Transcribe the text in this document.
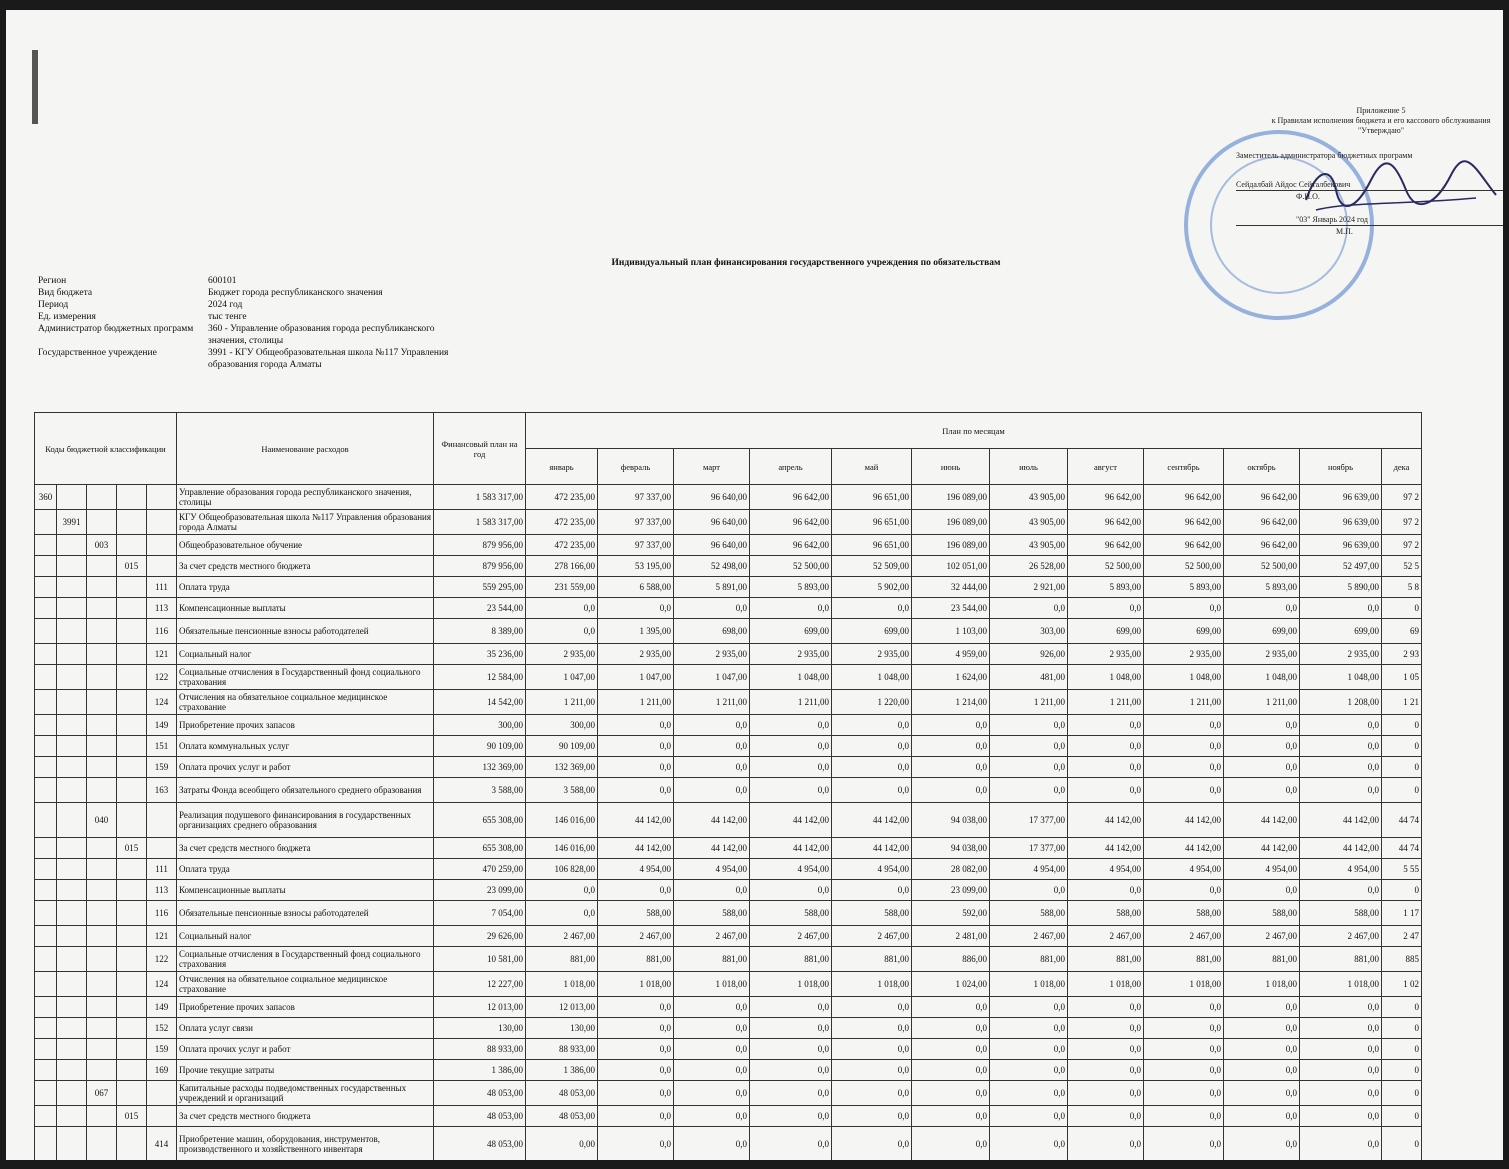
Приложение 5
к Правилам исполнения бюджета и его кассового обслуживания
"Утверждаю"
Заместитель администратора бюджетных программ
Сейдалбай Айдос Сейталбекович
Ф.И.О.
"03" Январь 2024 год
М.П.
Индивидуальный план финансирования государственного учреждения по обязательствам
Регион	600101
Вид бюджета	Бюджет города республиканского значения
Период	2024 год
Ед. измерения	тыс тенге
Администратор бюджетных программ	360 - Управление образования города республиканского значения, столицы
Государственное учреждение	3991 - КГУ Общеобразовательная школа №117 Управления образования города Алматы
Коды бюджетной классификации					Наименование расходов	Финансовый план на год	План по месяцам											
							январь	февраль	март	апрель	май	июнь	июль	август	сентябрь	октябрь	ноябрь	дека
360					Управление образования города республиканского значения, столицы	1 583 317,00	472 235,00	97 337,00	96 640,00	96 642,00	96 651,00	196 089,00	43 905,00	96 642,00	96 642,00	96 642,00	96 639,00	97 2
	3991				КГУ Общеобразовательная школа №117 Управления образования города Алматы	1 583 317,00	472 235,00	97 337,00	96 640,00	96 642,00	96 651,00	196 089,00	43 905,00	96 642,00	96 642,00	96 642,00	96 639,00	97 2
		003			Общеобразовательное обучение	879 956,00	472 235,00	97 337,00	96 640,00	96 642,00	96 651,00	196 089,00	43 905,00	96 642,00	96 642,00	96 642,00	96 639,00	97 2
			015		За счет средств местного бюджета	879 956,00	278 166,00	53 195,00	52 498,00	52 500,00	52 509,00	102 051,00	26 528,00	52 500,00	52 500,00	52 500,00	52 497,00	52 5
				111	Оплата труда	559 295,00	231 559,00	6 588,00	5 891,00	5 893,00	5 902,00	32 444,00	2 921,00	5 893,00	5 893,00	5 893,00	5 890,00	5 8
				113	Компенсационные выплаты	23 544,00	0,0	0,0	0,0	0,0	0,0	23 544,00	0,0	0,0	0,0	0,0	0,0	0
				116	Обязательные пенсионные взносы работодателей	8 389,00	0,0	1 395,00	698,00	699,00	699,00	1 103,00	303,00	699,00	699,00	699,00	699,00	69
				121	Социальный налог	35 236,00	2 935,00	2 935,00	2 935,00	2 935,00	2 935,00	4 959,00	926,00	2 935,00	2 935,00	2 935,00	2 935,00	2 93
				122	Социальные отчисления в Государственный фонд социального страхования	12 584,00	1 047,00	1 047,00	1 047,00	1 048,00	1 048,00	1 624,00	481,00	1 048,00	1 048,00	1 048,00	1 048,00	1 05
				124	Отчисления на обязательное социальное медицинское страхование	14 542,00	1 211,00	1 211,00	1 211,00	1 211,00	1 220,00	1 214,00	1 211,00	1 211,00	1 211,00	1 211,00	1 208,00	1 21
				149	Приобретение прочих запасов	300,00	300,00	0,0	0,0	0,0	0,0	0,0	0,0	0,0	0,0	0,0	0,0	0
				151	Оплата коммунальных услуг	90 109,00	90 109,00	0,0	0,0	0,0	0,0	0,0	0,0	0,0	0,0	0,0	0,0	0
				159	Оплата прочих услуг и работ	132 369,00	132 369,00	0,0	0,0	0,0	0,0	0,0	0,0	0,0	0,0	0,0	0,0	0
				163	Затраты Фонда всеобщего обязательного среднего образования	3 588,00	3 588,00	0,0	0,0	0,0	0,0	0,0	0,0	0,0	0,0	0,0	0,0	0
		040			Реализация подушевого финансирования в государственных организациях среднего образования	655 308,00	146 016,00	44 142,00	44 142,00	44 142,00	44 142,00	94 038,00	17 377,00	44 142,00	44 142,00	44 142,00	44 142,00	44 74
			015		За счет средств местного бюджета	655 308,00	146 016,00	44 142,00	44 142,00	44 142,00	44 142,00	94 038,00	17 377,00	44 142,00	44 142,00	44 142,00	44 142,00	44 74
				111	Оплата труда	470 259,00	106 828,00	4 954,00	4 954,00	4 954,00	4 954,00	28 082,00	4 954,00	4 954,00	4 954,00	4 954,00	4 954,00	5 55
				113	Компенсационные выплаты	23 099,00	0,0	0,0	0,0	0,0	0,0	23 099,00	0,0	0,0	0,0	0,0	0,0	0
				116	Обязательные пенсионные взносы работодателей	7 054,00	0,0	588,00	588,00	588,00	588,00	592,00	588,00	588,00	588,00	588,00	588,00	1 17
				121	Социальный налог	29 626,00	2 467,00	2 467,00	2 467,00	2 467,00	2 467,00	2 481,00	2 467,00	2 467,00	2 467,00	2 467,00	2 467,00	2 47
				122	Социальные отчисления в Государственный фонд социального страхования	10 581,00	881,00	881,00	881,00	881,00	881,00	886,00	881,00	881,00	881,00	881,00	881,00	885
				124	Отчисления на обязательное социальное медицинское страхование	12 227,00	1 018,00	1 018,00	1 018,00	1 018,00	1 018,00	1 024,00	1 018,00	1 018,00	1 018,00	1 018,00	1 018,00	1 02
				149	Приобретение прочих запасов	12 013,00	12 013,00	0,0	0,0	0,0	0,0	0,0	0,0	0,0	0,0	0,0	0,0	0
				152	Оплата услуг связи	130,00	130,00	0,0	0,0	0,0	0,0	0,0	0,0	0,0	0,0	0,0	0,0	0
				159	Оплата прочих услуг и работ	88 933,00	88 933,00	0,0	0,0	0,0	0,0	0,0	0,0	0,0	0,0	0,0	0,0	0
				169	Прочие текущие затраты	1 386,00	1 386,00	0,0	0,0	0,0	0,0	0,0	0,0	0,0	0,0	0,0	0,0	0
		067			Капитальные расходы подведомственных государственных учреждений и организаций	48 053,00	48 053,00	0,0	0,0	0,0	0,0	0,0	0,0	0,0	0,0	0,0	0,0	0
			015		За счет средств местного бюджета	48 053,00	48 053,00	0,0	0,0	0,0	0,0	0,0	0,0	0,0	0,0	0,0	0,0	0
				414	Приобретение машин, оборудования, инструментов, производственного и хозяйственного инвентаря	48 053,00	0,00	0,0	0,0	0,0	0,0	0,0	0,0	0,0	0,0	0,0	0,0	0
